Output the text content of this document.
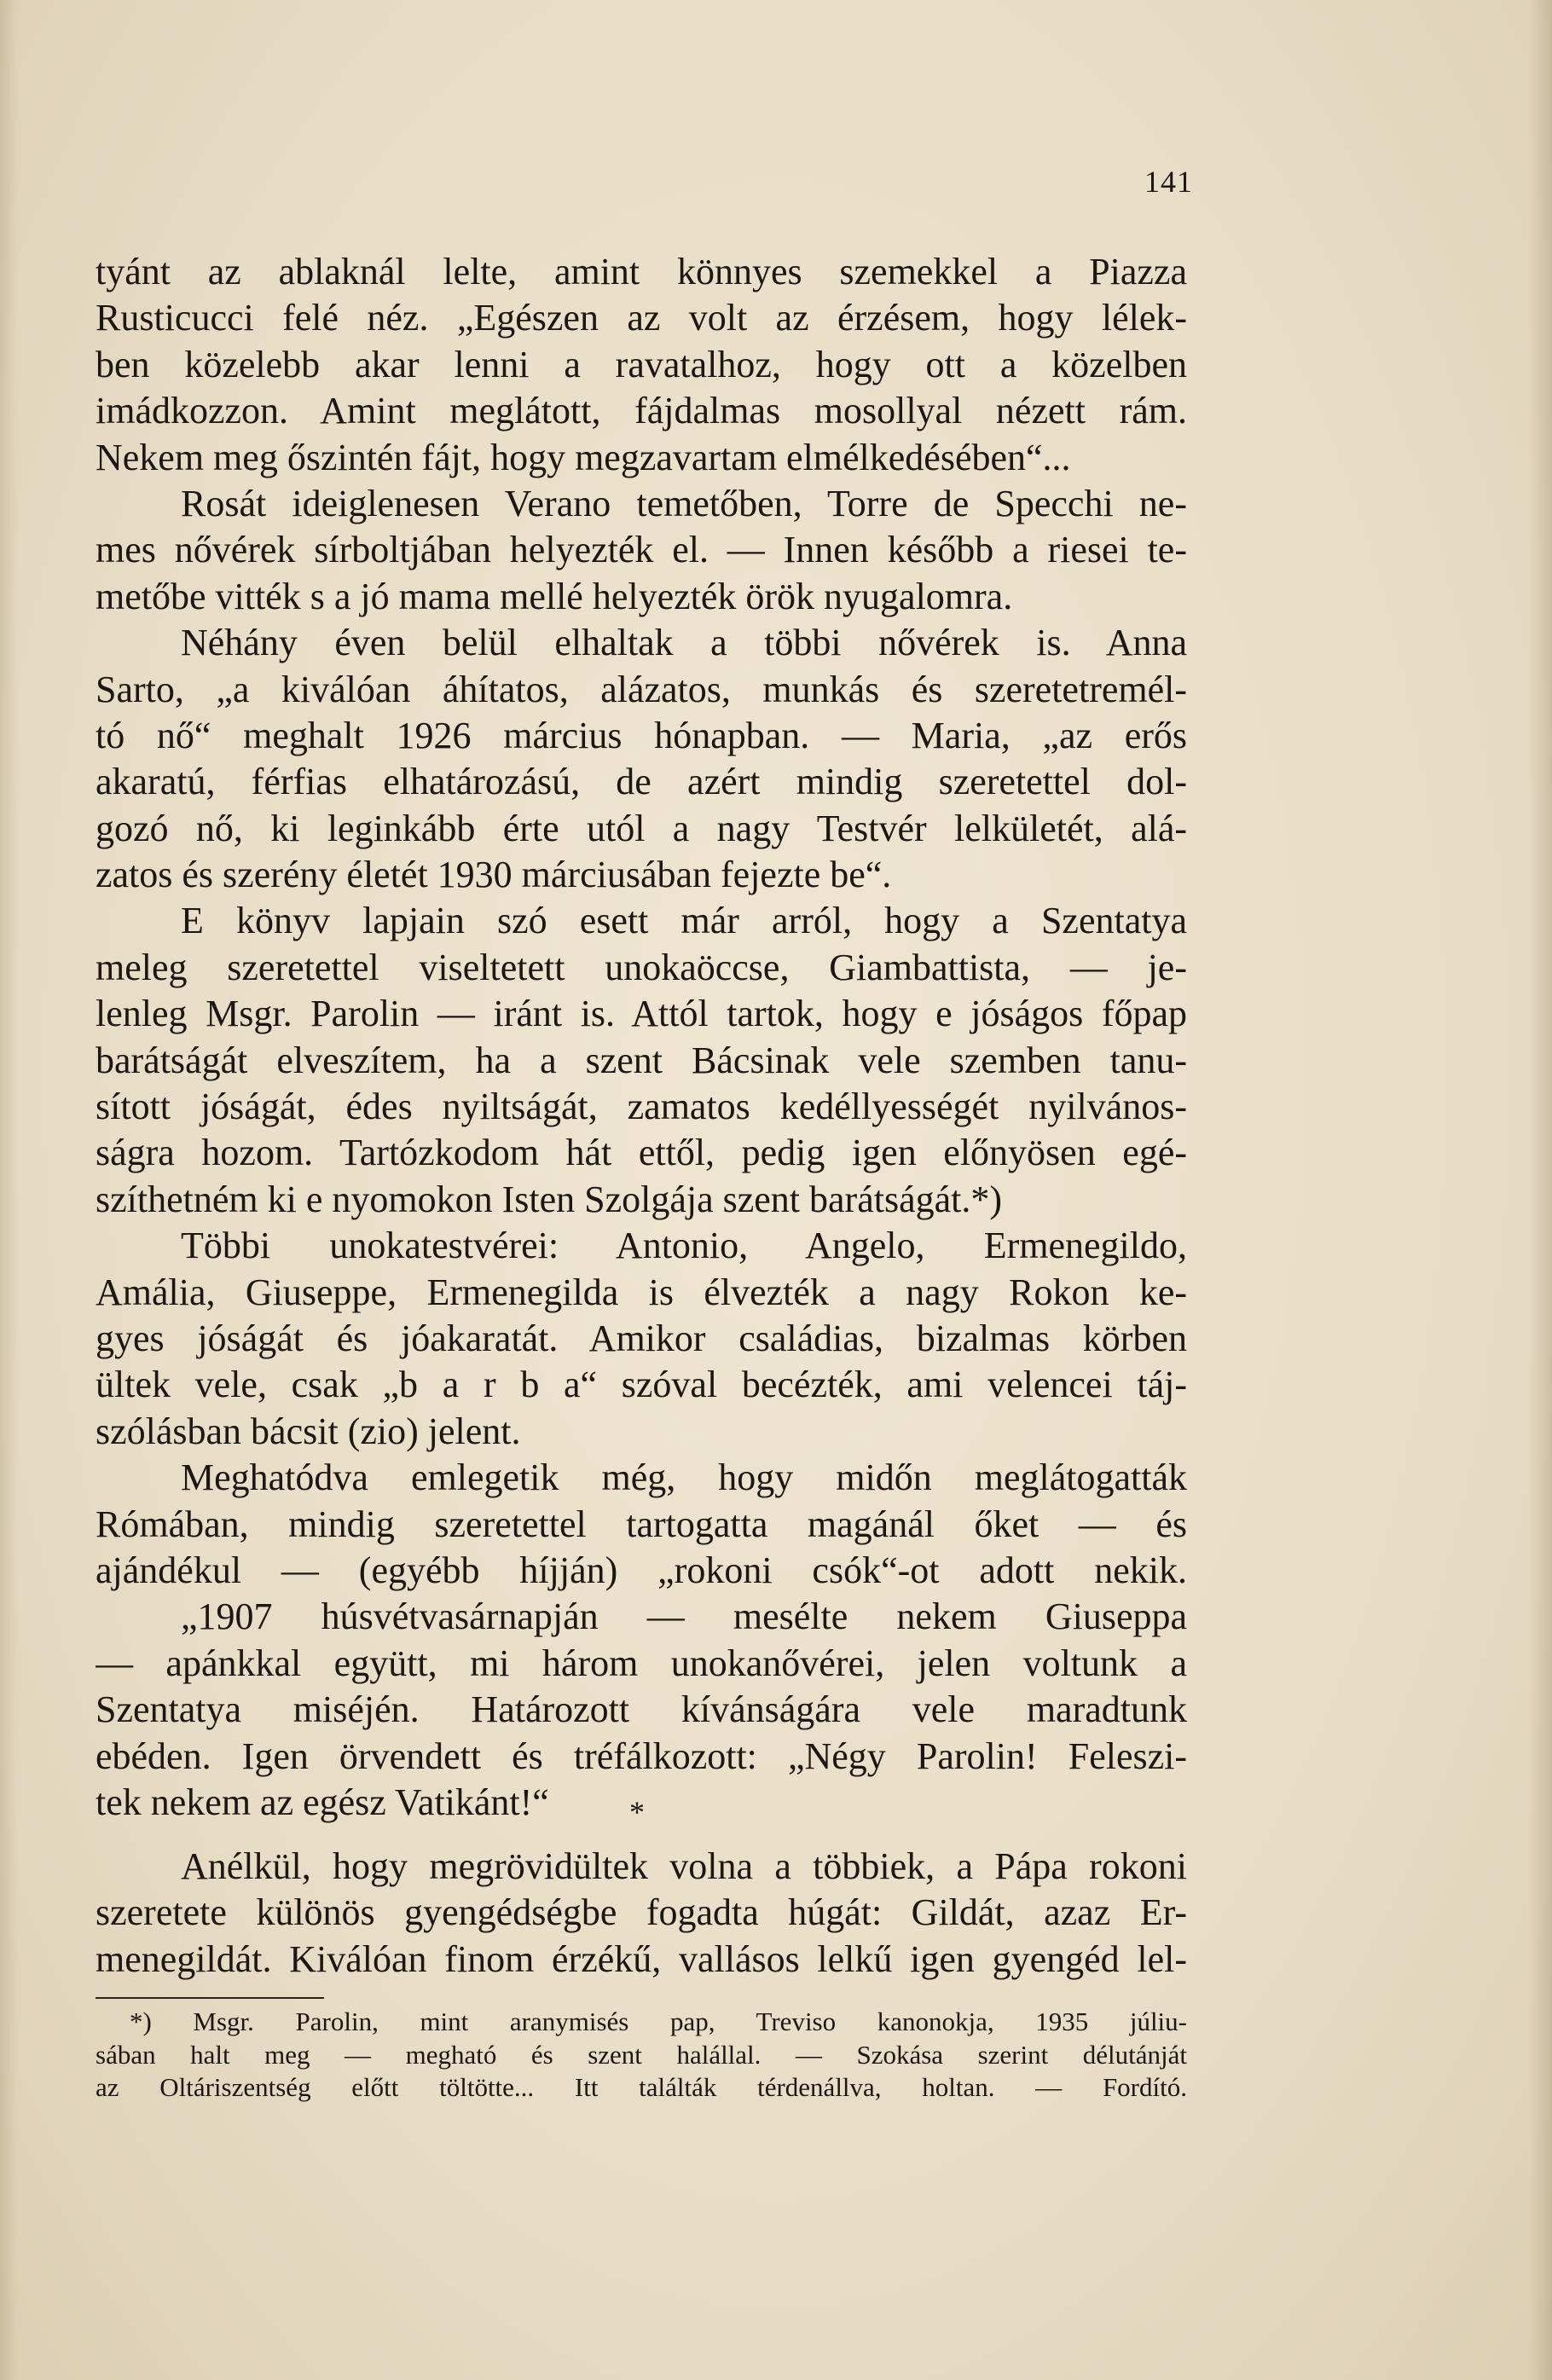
141
tyánt az ablaknál lelte, amint könnyes szemekkel a Piazza
Rusticucci felé néz. „Egészen az volt az érzésem, hogy lélek-
ben közelebb akar lenni a ravatalhoz, hogy ott a közelben
imádkozzon. Amint meglátott, fájdalmas mosollyal nézett rám.
Nekem meg őszintén fájt, hogy megzavartam elmélkedésében“...
Rosát ideiglenesen Verano temetőben, Torre de Specchi ne-
mes nővérek sírboltjában helyezték el. — Innen később a riesei te-
metőbe vitték s a jó mama mellé helyezték örök nyugalomra.
Néhány éven belül elhaltak a többi nővérek is. Anna
Sarto, „a kiválóan áhítatos, alázatos, munkás és szeretetremél-
tó nő“ meghalt 1926 március hónapban. — Maria, „az erős
akaratú, férfias elhatározású, de azért mindig szeretettel dol-
gozó nő, ki leginkább érte utól a nagy Testvér lelkületét, alá-
zatos és szerény életét 1930 márciusában fejezte be“.
E könyv lapjain szó esett már arról, hogy a Szentatya
meleg szeretettel viseltetett unokaöccse, Giambattista, — je-
lenleg Msgr. Parolin — iránt is. Attól tartok, hogy e jóságos főpap
barátságát elveszítem, ha a szent Bácsinak vele szemben tanu-
sított jóságát, édes nyiltságát, zamatos kedéllyességét nyilvános-
ságra hozom. Tartózkodom hát ettől, pedig igen előnyösen egé-
szíthetném ki e nyomokon Isten Szolgája szent barátságát.*)
Többi unokatestvérei: Antonio, Angelo, Ermenegildo,
Amália, Giuseppe, Ermenegilda is élvezték a nagy Rokon ke-
gyes jóságát és jóakaratát. Amikor családias, bizalmas körben
ültek vele, csak „b a r b a“ szóval becézték, ami velencei táj-
szólásban bácsit (zio) jelent.
Meghatódva emlegetik még, hogy midőn meglátogatták
Rómában, mindig szeretettel tartogatta magánál őket — és
ajándékul — (egyébb híjján) „rokoni csók“-ot adott nekik.
„1907 húsvétvasárnapján — mesélte nekem Giuseppa
— apánkkal együtt, mi három unokanővérei, jelen voltunk a
Szentatya miséjén. Határozott kívánságára vele maradtunk
ebéden. Igen örvendett és tréfálkozott: „Négy Parolin! Feleszi-
tek nekem az egész Vatikánt!“	*
Anélkül, hogy megrövidültek volna a többiek, a Pápa rokoni
szeretete különös gyengédségbe fogadta húgát: Gildát, azaz Er-
menegildát. Kiválóan finom érzékű, vallásos lelkű igen gyengéd lel-
*) Msgr. Parolin, mint aranymisés pap, Treviso kanonokja, 1935 júliu-
sában halt meg — megható és szent halállal. — Szokása szerint délutánját
az Oltáriszentség előtt töltötte... Itt találták térdenállva, holtan. — Fordító.
